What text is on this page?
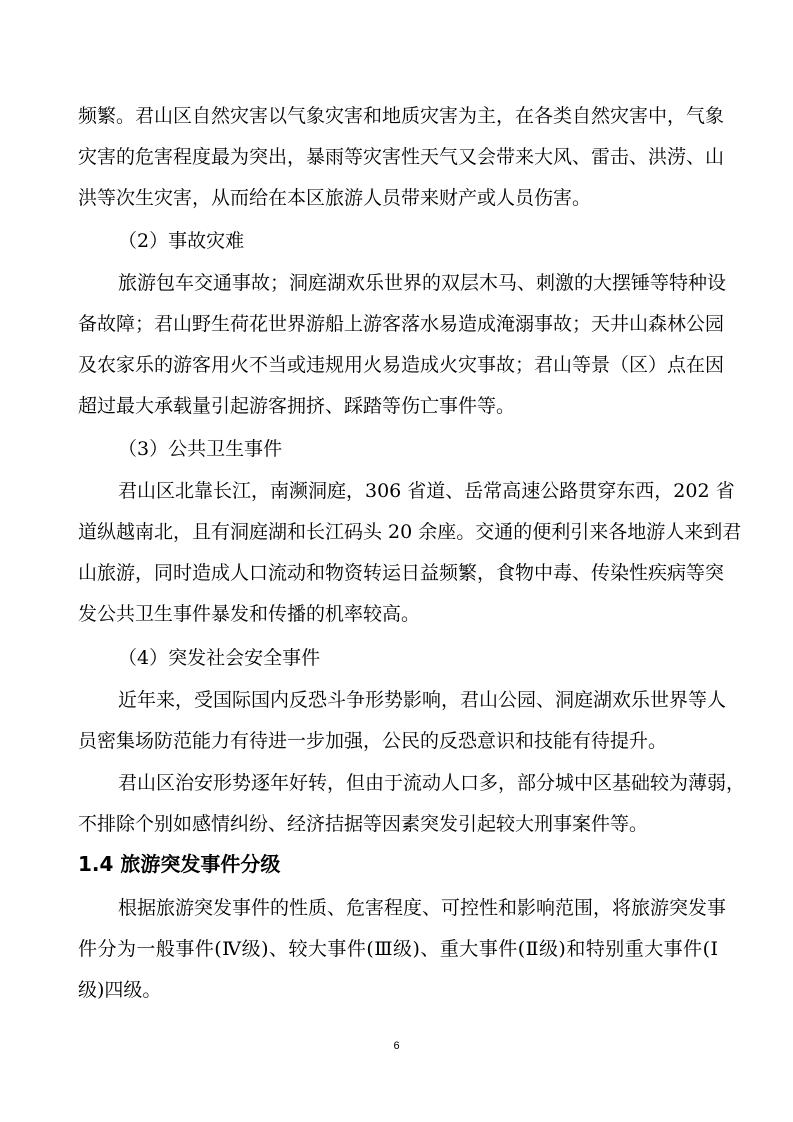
频繁。君山区自然灾害以气象灾害和地质灾害为主，在各类自然灾害中，气象
灾害的危害程度最为突出，暴雨等灾害性天气又会带来大风、雷击、洪涝、山
洪等次生灾害，从而给在本区旅游人员带来财产或人员伤害。
（2）事故灾难
旅游包车交通事故；洞庭湖欢乐世界的双层木马、刺激的大摆锤等特种设
备故障；君山野生荷花世界游船上游客落水易造成淹溺事故；天井山森林公园
及农家乐的游客用火不当或违规用火易造成火灾事故；君山等景（区）点在因
超过最大承载量引起游客拥挤、踩踏等伤亡事件等。
（3）公共卫生事件
君山区北靠长江，南濒洞庭，306 省道、岳常高速公路贯穿东西，202 省
道纵越南北，且有洞庭湖和长江码头 20 余座。交通的便利引来各地游人来到君
山旅游，同时造成人口流动和物资转运日益频繁，食物中毒、传染性疾病等突
发公共卫生事件暴发和传播的机率较高。
（4）突发社会安全事件
近年来，受国际国内反恐斗争形势影响，君山公园、洞庭湖欢乐世界等人
员密集场防范能力有待进一步加强，公民的反恐意识和技能有待提升。
君山区治安形势逐年好转，但由于流动人口多，部分城中区基础较为薄弱，
不排除个别如感情纠纷、经济拮据等因素突发引起较大刑事案件等。
1.4 旅游突发事件分级
根据旅游突发事件的性质、危害程度、可控性和影响范围，将旅游突发事
件分为一般事件(Ⅳ级)、较大事件(Ⅲ级)、重大事件(Ⅱ级)和特别重大事件(Ⅰ
级)四级。
6
